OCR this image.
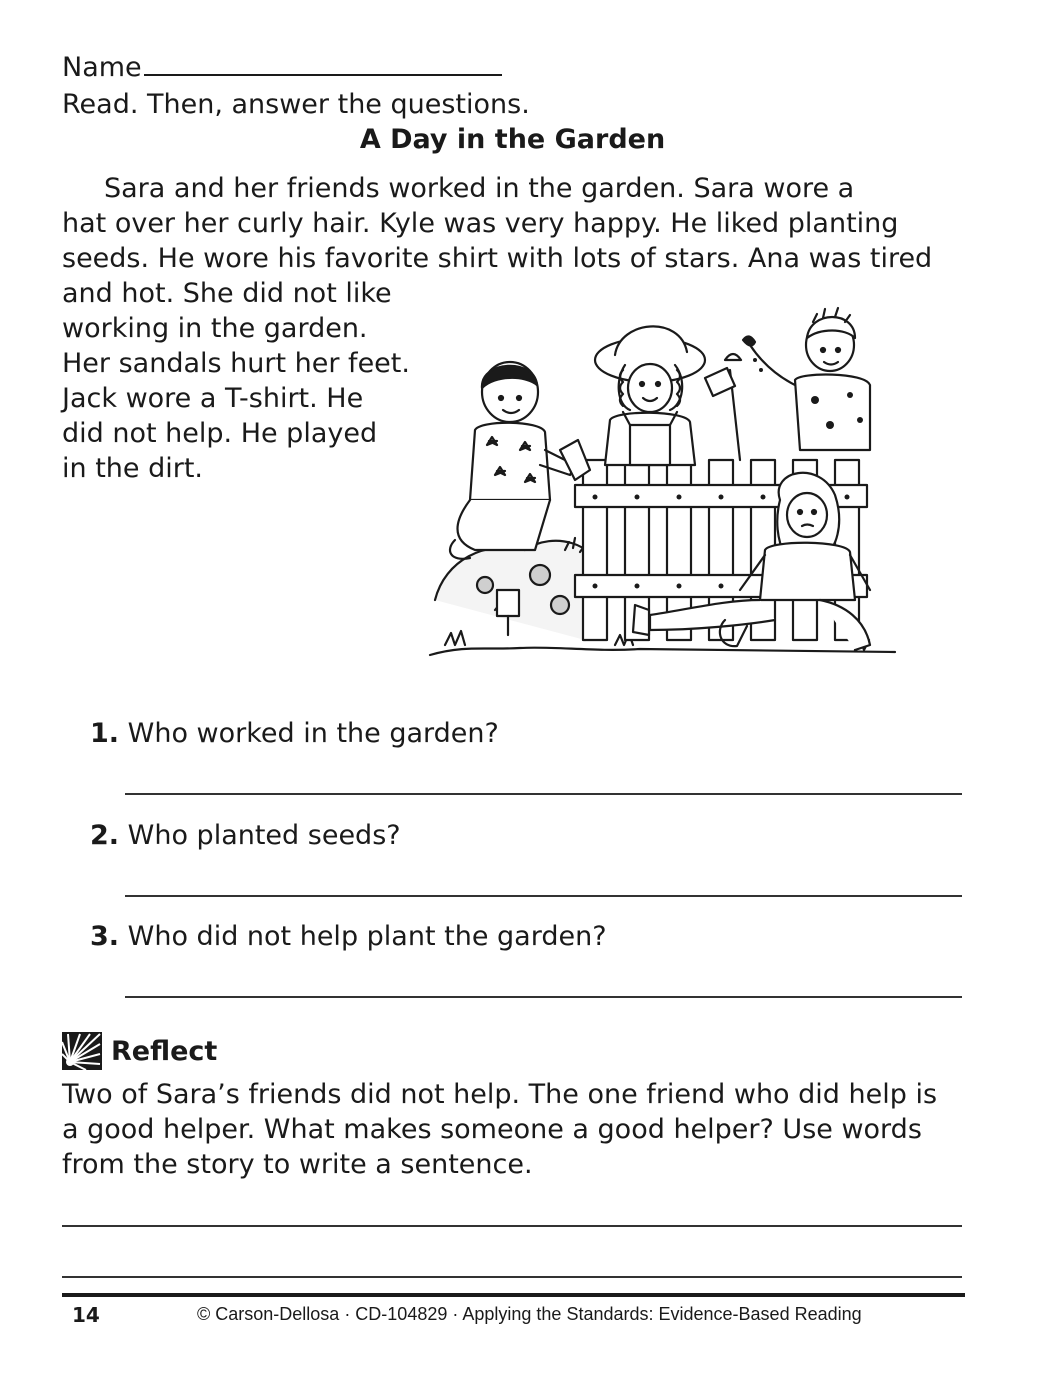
Name
Read. Then, answer the questions.
A Day in the Garden
Sara and her friends worked in the garden. Sara wore a
hat over her curly hair. Kyle was very happy. He liked planting
seeds. He wore his favorite shirt with lots of stars. Ana was tired
and hot. She did not like
working in the garden.
Her sandals hurt her feet.
Jack wore a T-shirt. He
did not help. He played
in the dirt.
1. Who worked in the garden?
2. Who planted seeds?
3. Who did not help plant the garden?
Reflect
Two of Sara’s friends did not help. The one friend who did help is
a good helper. What makes someone a good helper? Use words
from the story to write a sentence.
14	© Carson-Dellosa · CD-104829 · Applying the Standards: Evidence-Based Reading
